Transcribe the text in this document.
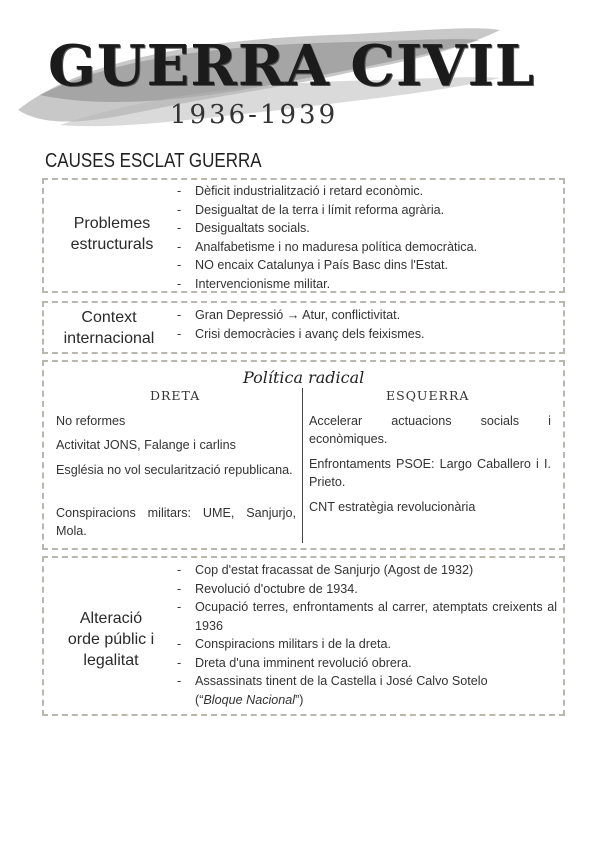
GUERRA CIVIL
1936-1939
CAUSES ESCLAT GUERRA
Problemes
estructurals
- Dèficit industrialització i retard econòmic.
- Desigualtat de la terra i límit reforma agrària.
- Desigualtats socials.
- Analfabetisme i no maduresa política democràtica.
- NO encaix Catalunya i País Basc dins l'Estat.
- Intervencionisme militar.
Context
internacional
- Gran Depressió → Atur, conflictivitat.
- Crisi democràcies i avanç dels feixismes.
Política radical
DRETA	ESQUERRA
No reformes
Activitat JONS, Falange i carlins
Església no vol secularització republicana.
Conspiracions militars: UME, Sanjurjo, Mola.
Accelerar actuacions socials i econòmiques.
Enfrontaments PSOE: Largo Caballero i I. Prieto.
CNT estratègia revolucionària
Alteració
orde públic i
legalitat
- Cop d'estat fracassat de Sanjurjo (Agost de 1932)
- Revolució d'octubre de 1934.
- Ocupació terres, enfrontaments al carrer, atemptats creixents al 1936
- Conspiracions militars i de la dreta.
- Dreta d'una imminent revolució obrera.
- Assassinats tinent de la Castella i José Calvo Sotelo
(“Bloque Nacional”)
